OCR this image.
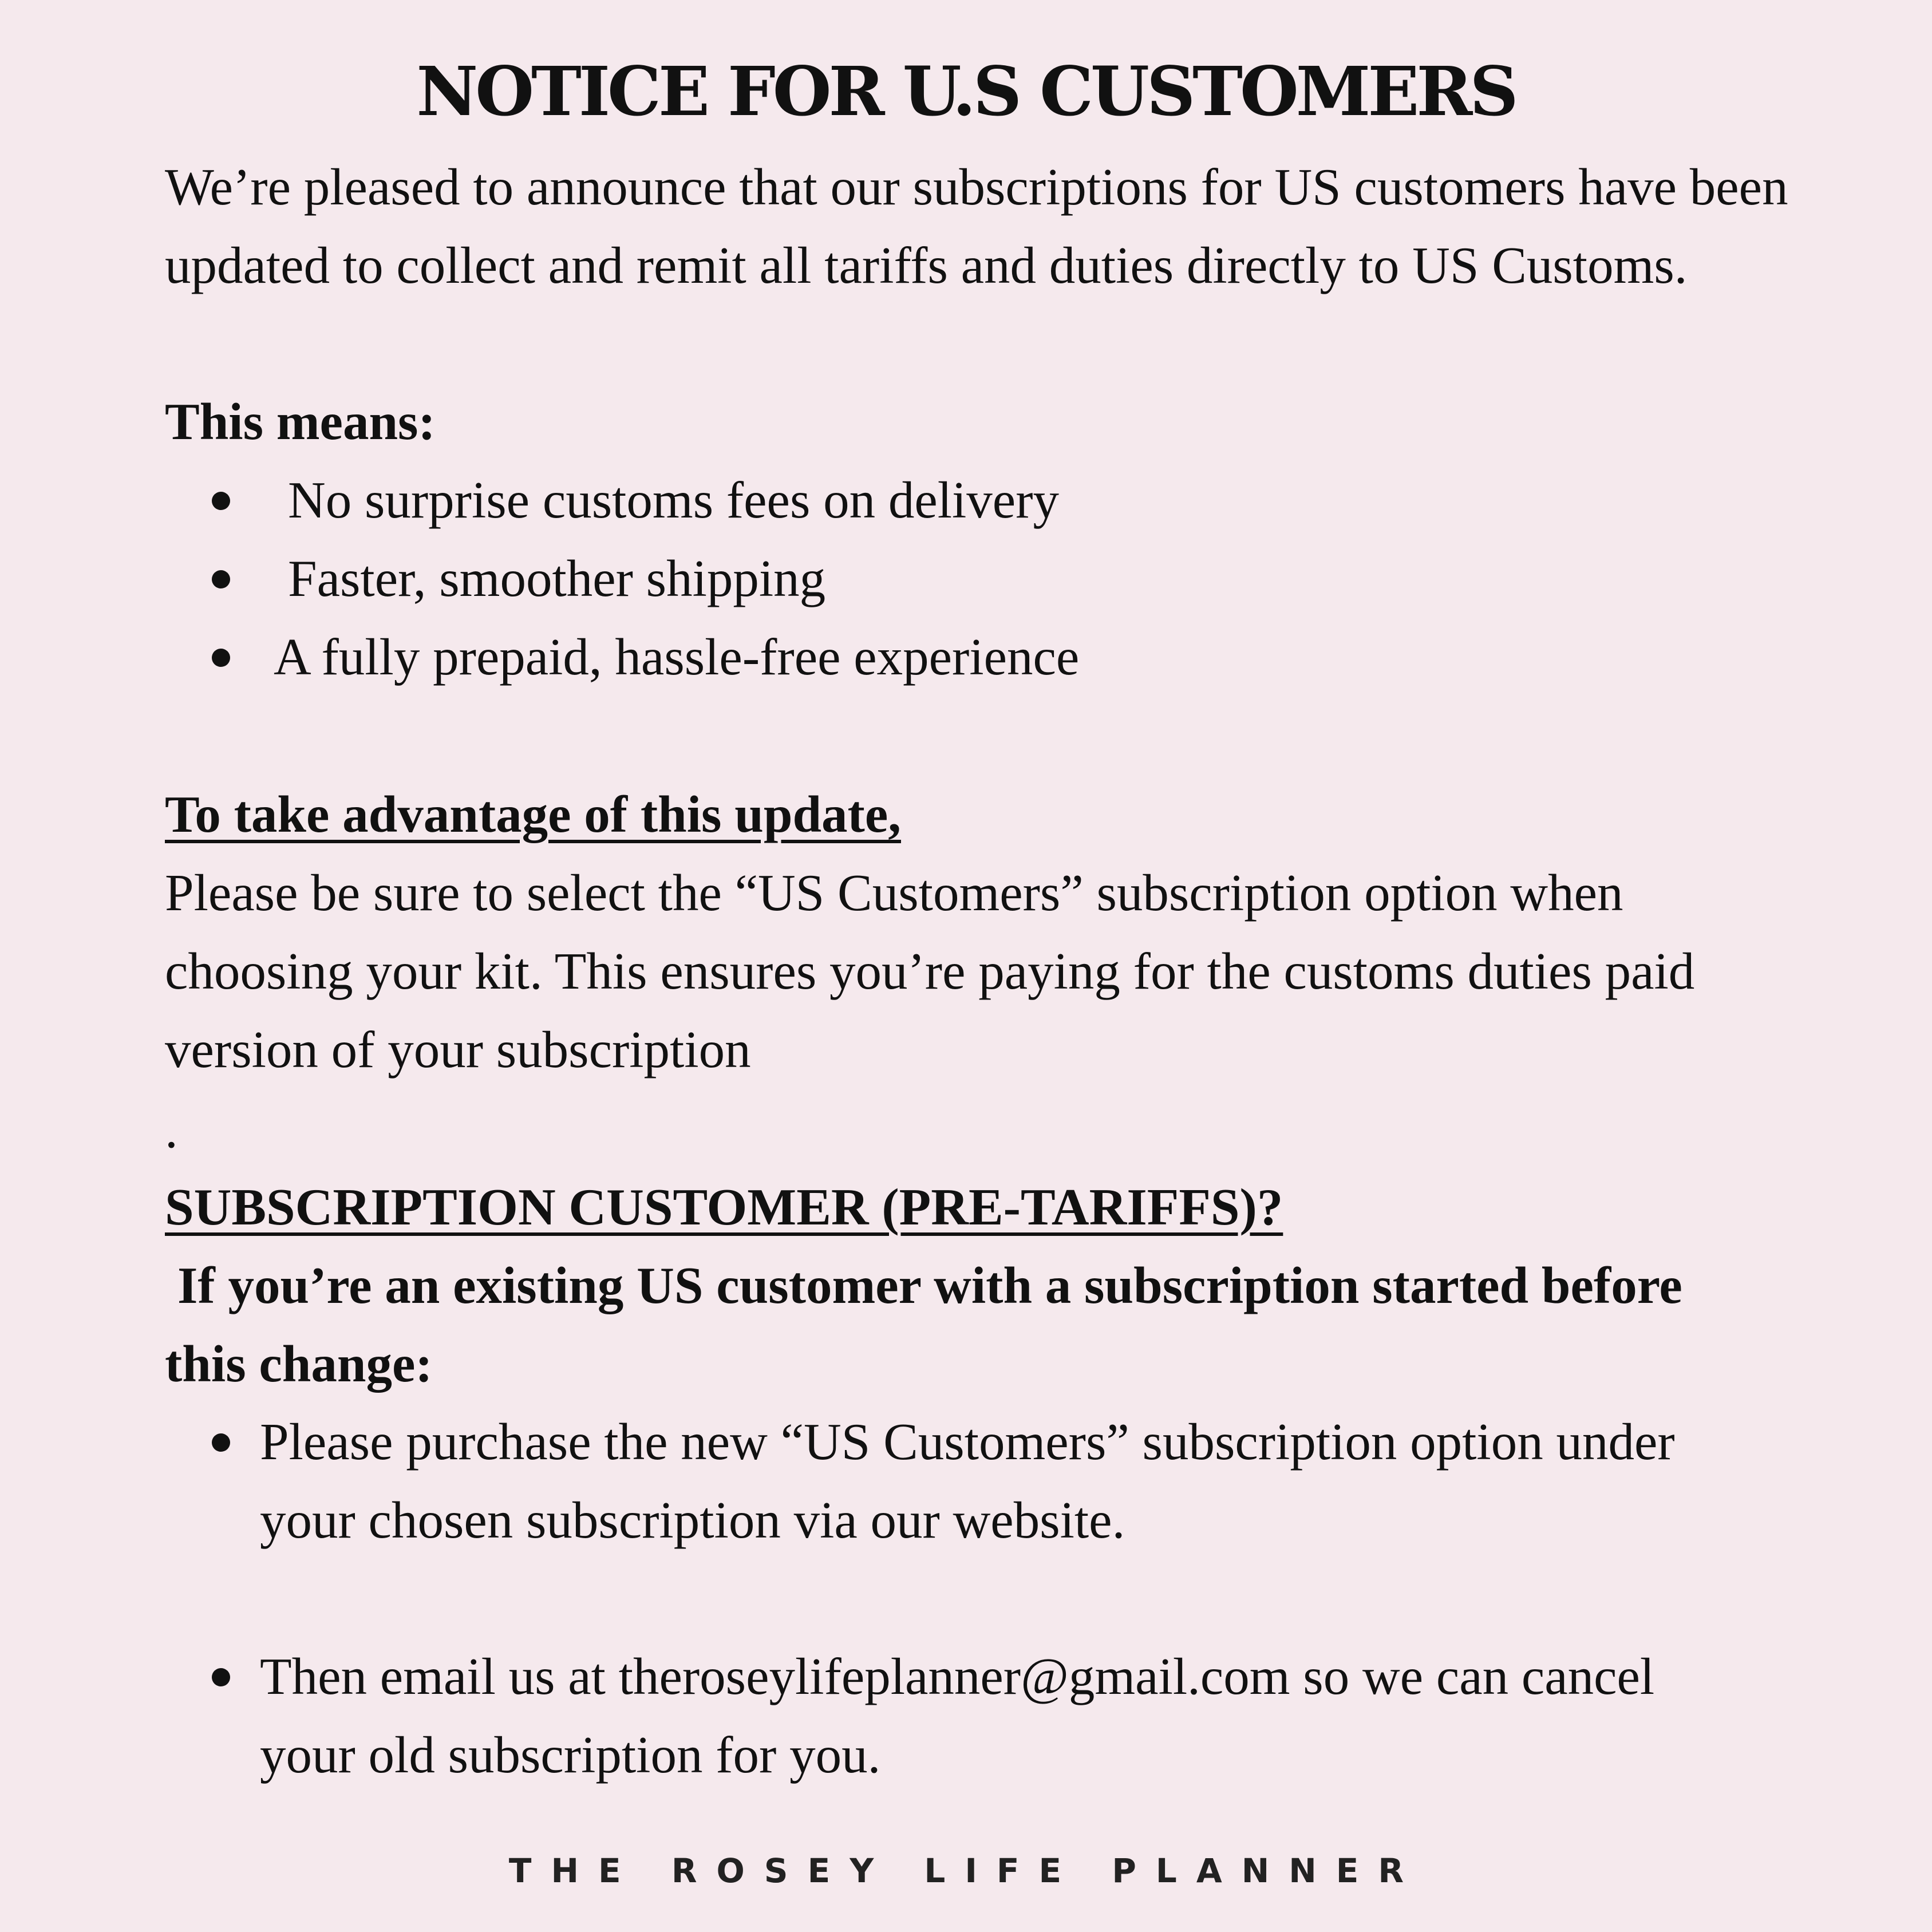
NOTICE FOR U.S CUSTOMERS

We’re pleased to announce that our subscriptions for US customers have been updated to collect and remit all tariffs and duties directly to US Customs.

This means:

No surprise customs fees on delivery
Faster, smoother shipping
A fully prepaid, hassle-free experience

To take advantage of this update,

Please be sure to select the “US Customers” subscription option when choosing your kit. This ensures you’re paying for the customs duties paid version of your subscription

.

SUBSCRIPTION CUSTOMER (PRE-TARIFFS)?

If you’re an existing US customer with a subscription started before this change:

Please purchase the new “US Customers” subscription option under your chosen subscription via our website.
Then email us at theroseylifeplanner@gmail.com so we can cancel your old subscription for you.

THE ROSEY LIFE PLANNER
